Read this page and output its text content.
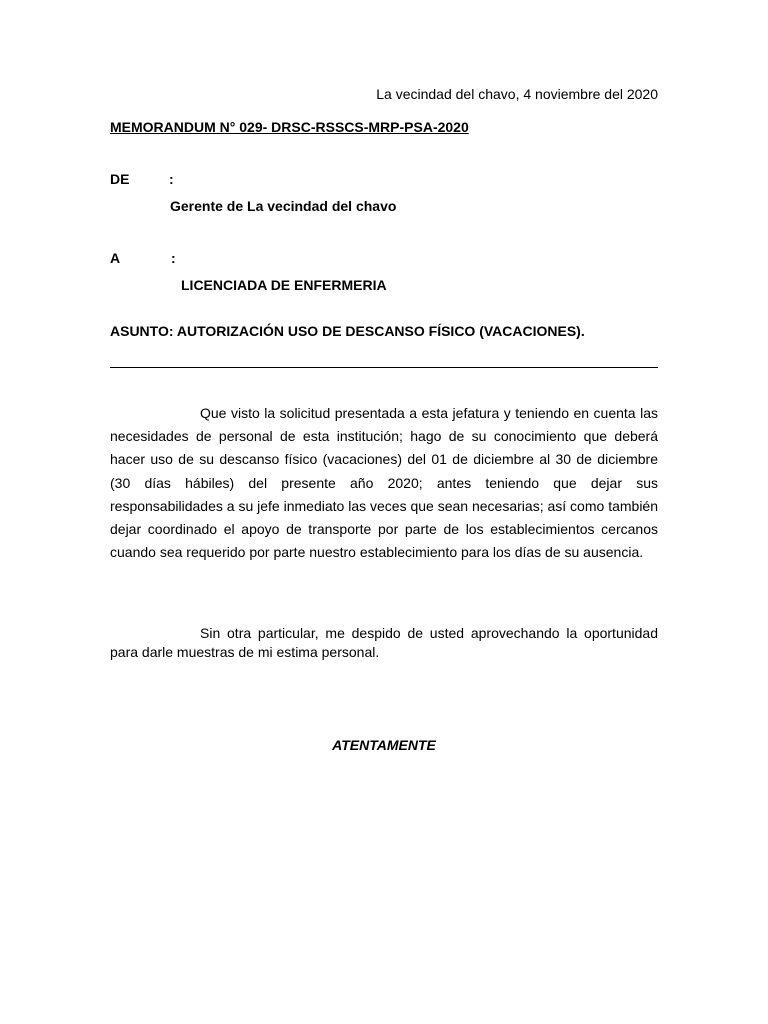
La vecindad del chavo, 4 noviembre del 2020
MEMORANDUM N° 029- DRSC-RSSCS-MRP-PSA-2020
DE	:
Gerente de La vecindad del chavo
A	:
LICENCIADA DE ENFERMERIA
ASUNTO: AUTORIZACIÓN USO DE DESCANSO FÍSICO (VACACIONES).

Que visto la solicitud presentada a esta jefatura y teniendo en cuenta las necesidades de personal de esta institución; hago de su conocimiento que deberá hacer uso de su descanso físico (vacaciones) del 01 de diciembre al 30 de diciembre (30 días hábiles) del presente año 2020; antes teniendo que dejar sus responsabilidades a su jefe inmediato las veces que sean necesarias; así como también dejar coordinado el apoyo de transporte por parte de los establecimientos cercanos cuando sea requerido por parte nuestro establecimiento para los días de su ausencia.

Sin otra particular, me despido de usted aprovechando la oportunidad para darle muestras de mi estima personal.

ATENTAMENTE
